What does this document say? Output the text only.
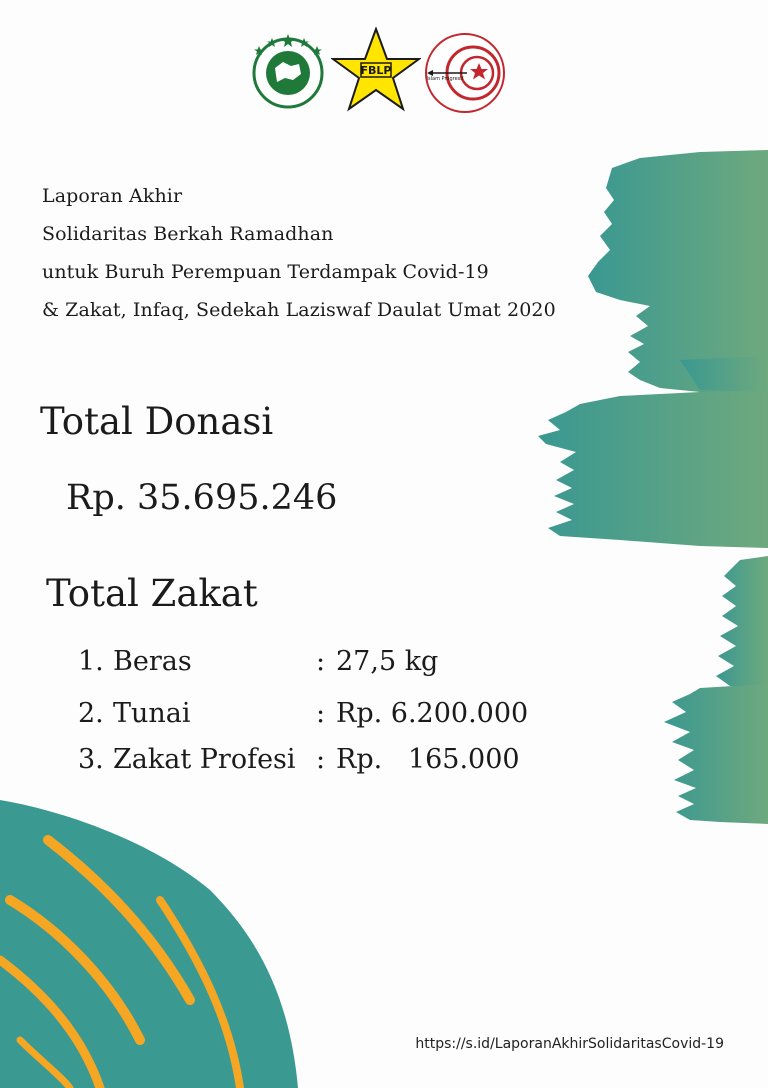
FBLP
Islam Progresif
Laporan Akhir
Solidaritas Berkah Ramadhan
untuk Buruh Perempuan Terdampak Covid-19
& Zakat, Infaq, Sedekah Laziswaf Daulat Umat 2020
Total Donasi
Rp. 35.695.246
Total Zakat
1. Beras	: 27,5 kg
2. Tunai	: Rp. 6.200.000
3. Zakat Profesi : Rp.   165.000
https://s.id/LaporanAkhirSolidaritasCovid-19
